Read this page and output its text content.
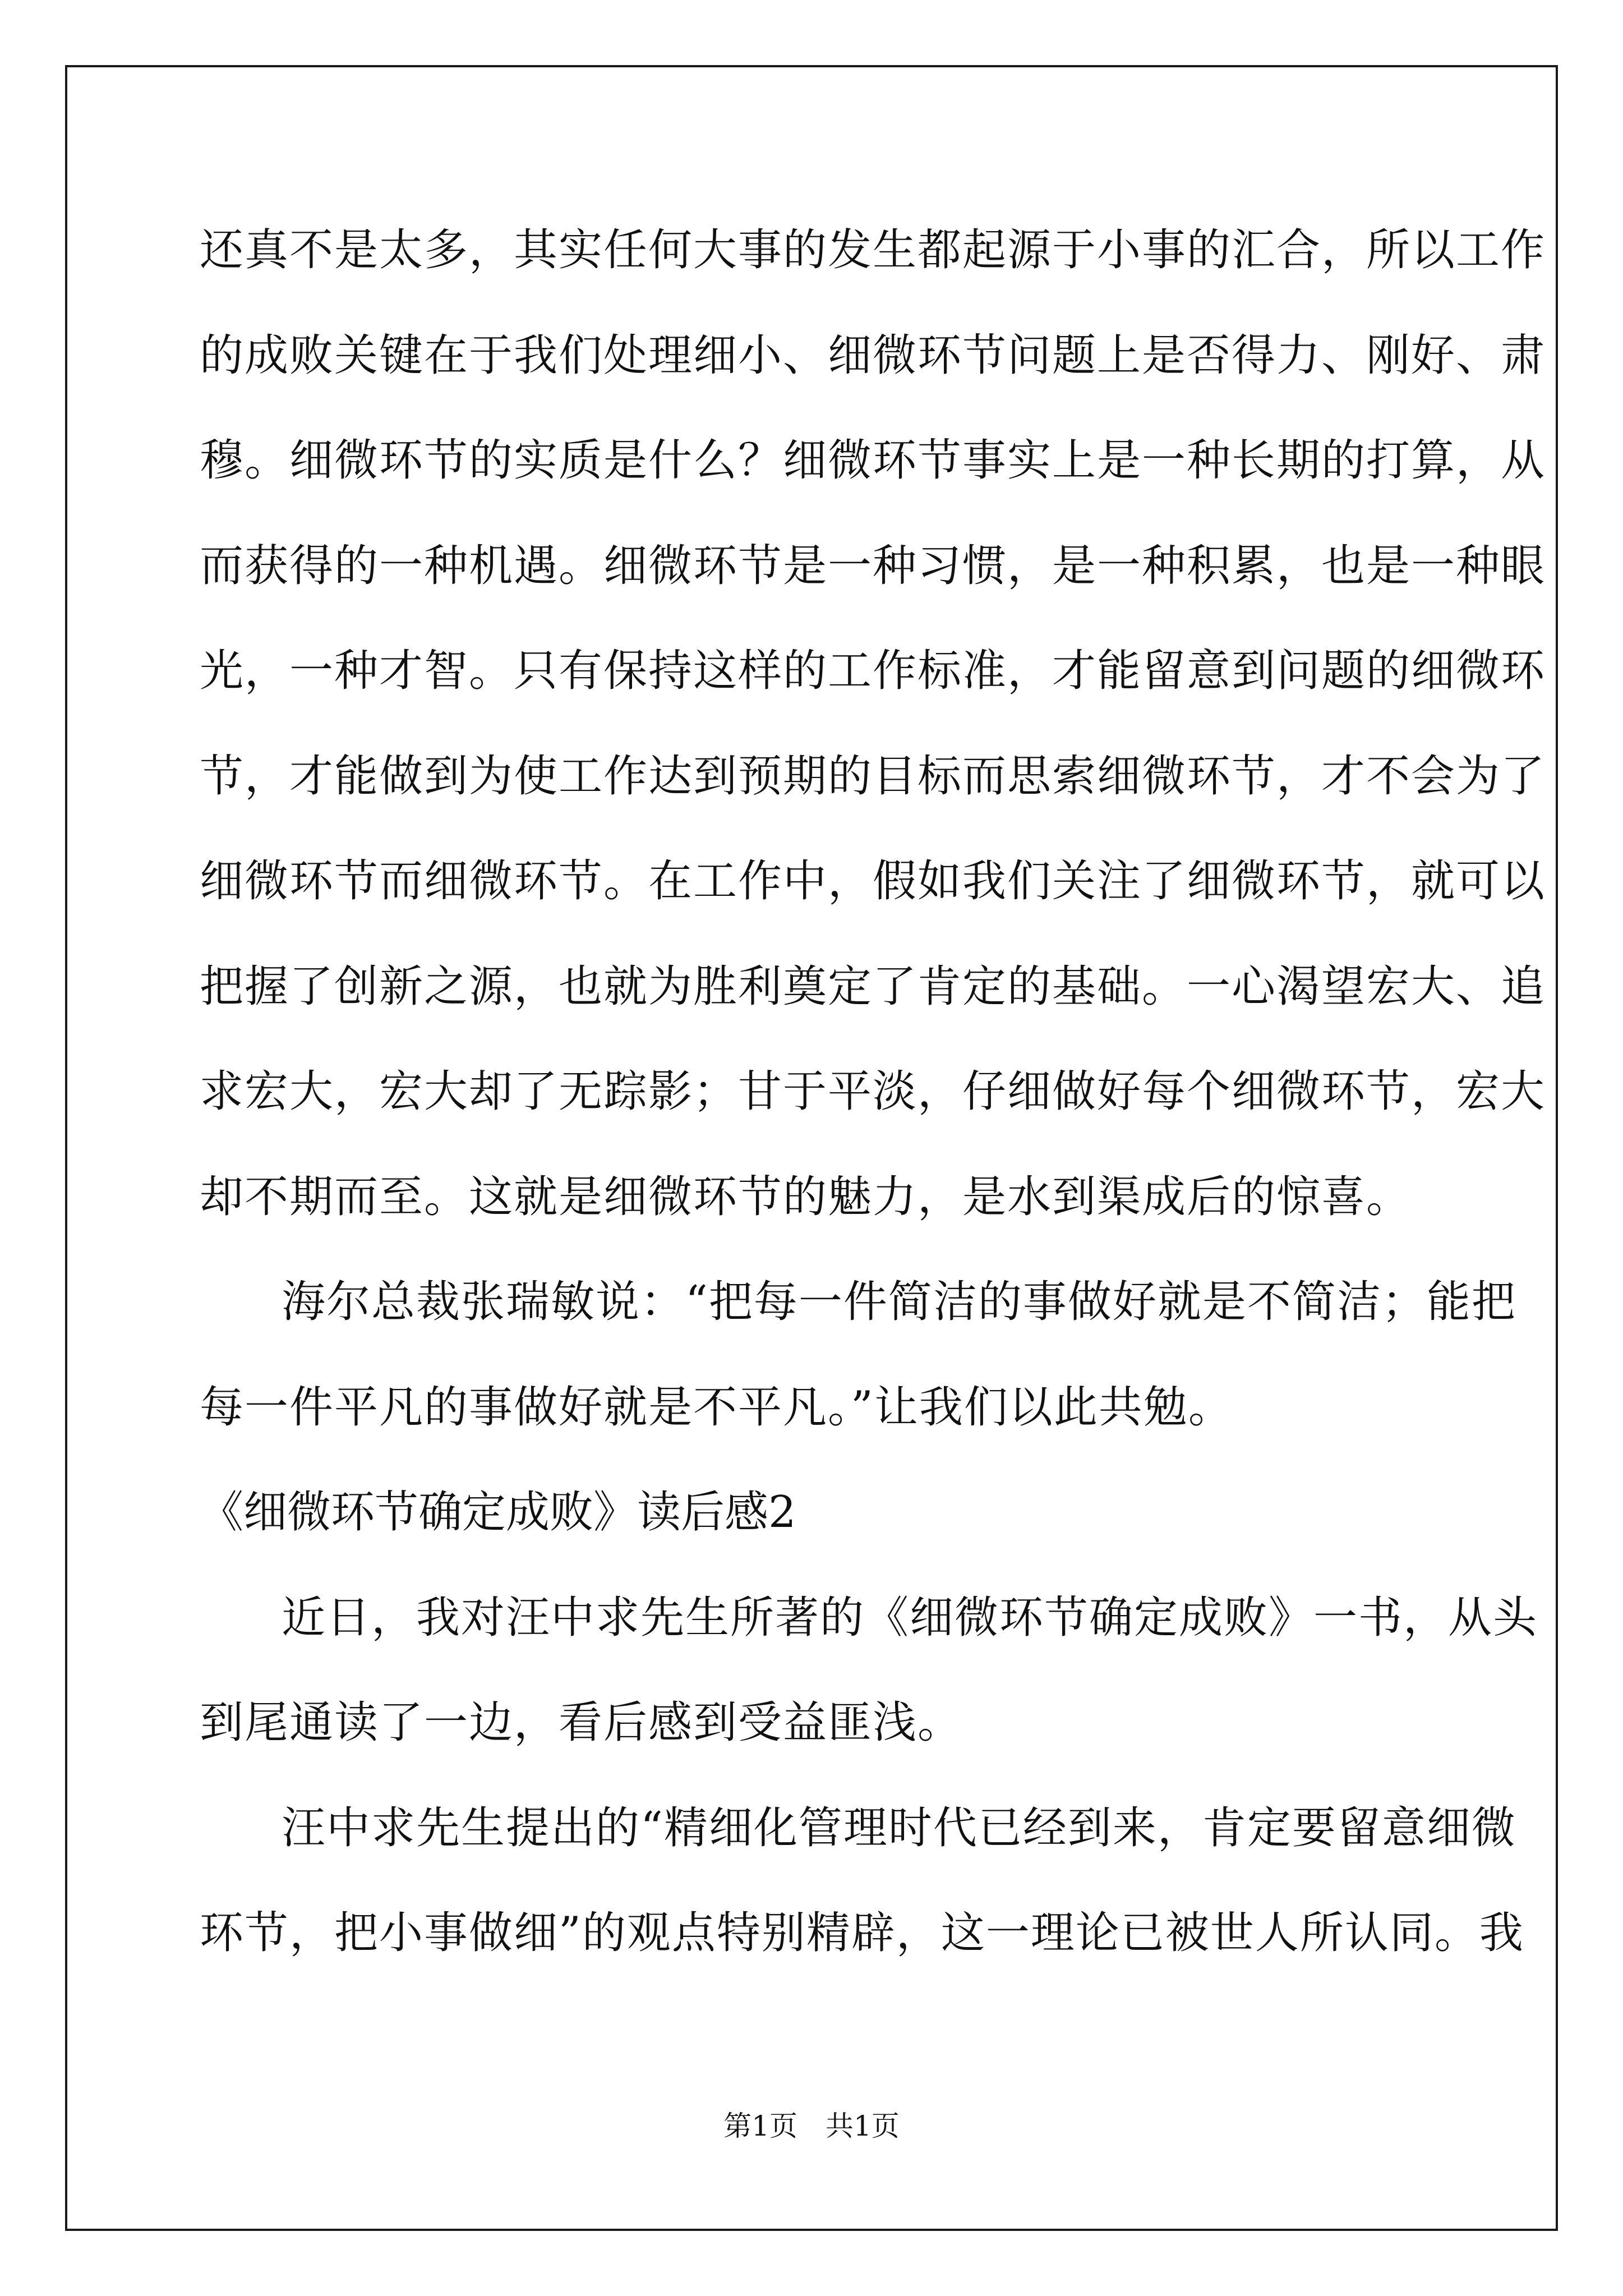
还真不是太多，其实任何大事的发生都起源于小事的汇合，所以工作
的成败关键在于我们处理细小、细微环节问题上是否得力、刚好、肃
穆。细微环节的实质是什么？细微环节事实上是一种长期的打算，从
而获得的一种机遇。细微环节是一种习惯，是一种积累，也是一种眼
光，一种才智。只有保持这样的工作标准，才能留意到问题的细微环
节，才能做到为使工作达到预期的目标而思索细微环节，才不会为了
细微环节而细微环节。在工作中，假如我们关注了细微环节，就可以
把握了创新之源，也就为胜利奠定了肯定的基础。一心渴望宏大、追
求宏大，宏大却了无踪影；甘于平淡，仔细做好每个细微环节，宏大
却不期而至。这就是细微环节的魅力，是水到渠成后的惊喜。
海尔总裁张瑞敏说：“把每一件简洁的事做好就是不简洁；能把
每一件平凡的事做好就是不平凡。”让我们以此共勉。
《细微环节确定成败》读后感2
近日，我对汪中求先生所著的《细微环节确定成败》一书，从头
到尾通读了一边，看后感到受益匪浅。
汪中求先生提出的“精细化管理时代已经到来，肯定要留意细微
环节，把小事做细”的观点特别精辟，这一理论已被世人所认同。我
第1页　共1页
